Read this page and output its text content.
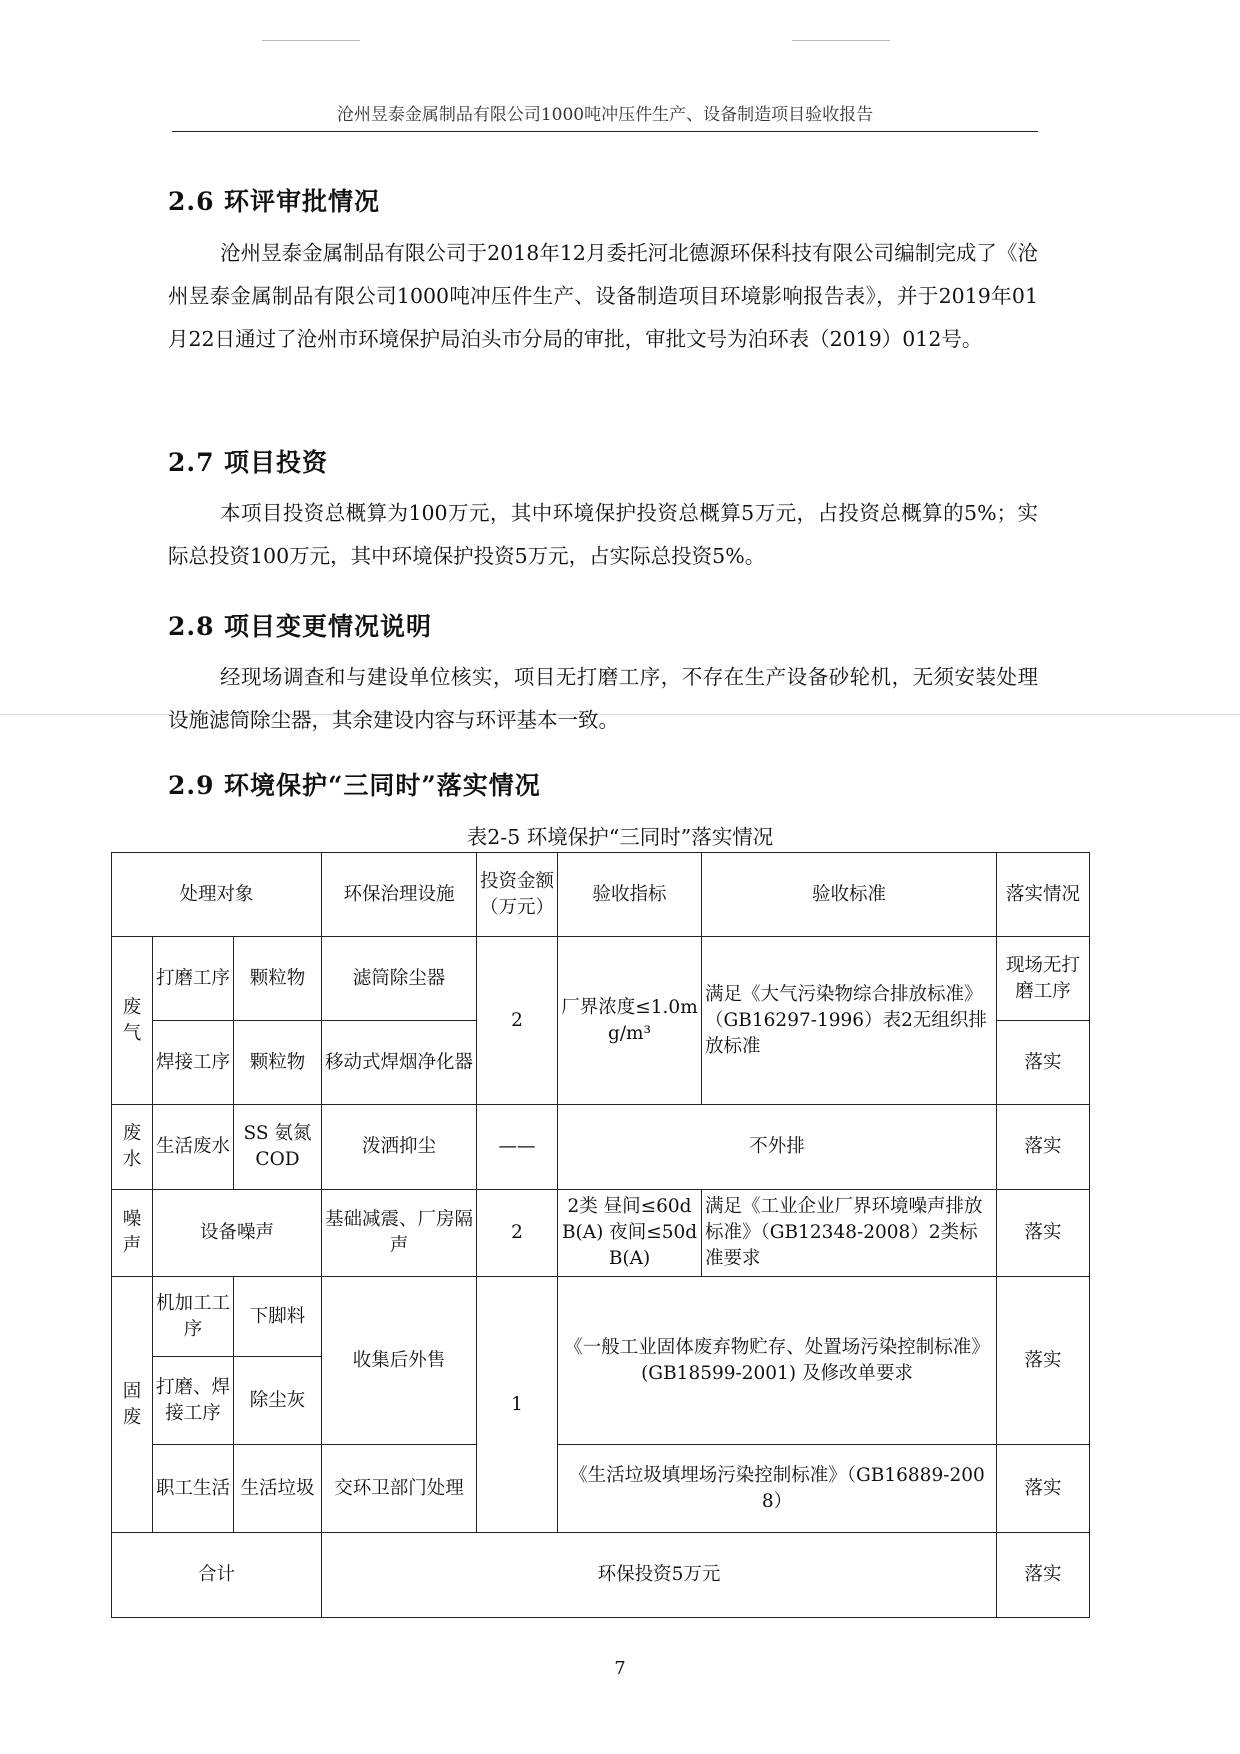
沧州昱泰金属制品有限公司1000吨冲压件生产、设备制造项目验收报告
2.6 环评审批情况
沧州昱泰金属制品有限公司于2018年12月委托河北德源环保科技有限公司编制完成了《沧州昱泰金属制品有限公司1000吨冲压件生产、设备制造项目环境影响报告表》，并于2019年01月22日通过了沧州市环境保护局泊头市分局的审批，审批文号为泊环表（2019）012号。
2.7 项目投资
本项目投资总概算为100万元，其中环境保护投资总概算5万元，占投资总概算的5%；实际总投资100万元，其中环境保护投资5万元，占实际总投资5%。
2.8 项目变更情况说明
经现场调查和与建设单位核实，项目无打磨工序，不存在生产设备砂轮机，无须安装处理设施滤筒除尘器，其余建设内容与环评基本一致。
2.9 环境保护“三同时”落实情况
表2-5 环境保护“三同时”落实情况
处理对象			环保治理设施	投资金额（万元）	验收指标	验收标准	落实情况
废气	打磨工序	颗粒物	滤筒除尘器	2	厂界浓度≤1.0mg/m³	满足《大气污染物综合排放标准》（GB16297-1996）表2无组织排放标准	现场无打磨工序
	焊接工序	颗粒物	移动式焊烟净化器				落实
废水	生活废水	SS 氨氮 COD	泼洒抑尘	——	不外排		落实
噪声	设备噪声		基础减震、厂房隔声	2	2类 昼间≤60dB(A) 夜间≤50dB(A)	满足《工业企业厂界环境噪声排放标准》（GB12348-2008）2类标准要求	落实
固废	机加工工序	下脚料	收集后外售	1	《一般工业固体废弃物贮存、处置场污染控制标准》(GB18599-2001) 及修改单要求		落实
	打磨、焊接工序	除尘灰					
	职工生活	生活垃圾	交环卫部门处理		《生活垃圾填埋场污染控制标准》（GB16889-2008）		落实
合计			环保投资5万元				落实
7
